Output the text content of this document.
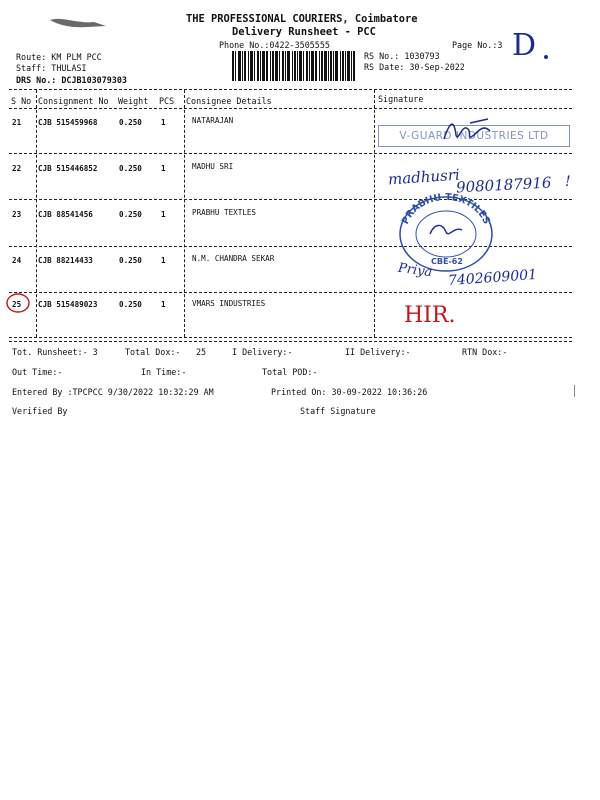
THE PROFESSIONAL COURIERS, Coimbatore
Delivery Runsheet - PCC
Phone No.:0422-3505555	Page No.:3 D
Route: KM PLM PCC
Staff: THULASI
DRS No.: DCJB103079303
RS No.: 1030793
RS Date: 30-Sep-2022
S No Consignment No Weight PCS Consignee Details	Signature
21 CJB 515459968	0.250	1	NATARAJAN
22 CJB 515446852	0.250	1	MADHU SRI
23 CJB 88541456	0.250	1	PRABHU TEXTLES
24 CJB 88214433	0.250	1	N.M. CHANDRA SEKAR
25 CJB 515489023	0.250	1	VMARS INDUSTRIES
V-GUARD INDUSTRIES LTD
madhusri
9080187916 !
PRABHU TEXTILES
CBE-62
Priya 7402609001
HIR.
Tot. Runsheet:- 3	Total Dox:- 25	I Delivery:-	II Delivery:-	RTN Dox:-
Out Time:-	In Time:-	Total POD:-
Entered By :TPCPCC 9/30/2022 10:32:29 AM	Printed On: 30-09-2022 10:36:26
Verified By	Staff Signature
